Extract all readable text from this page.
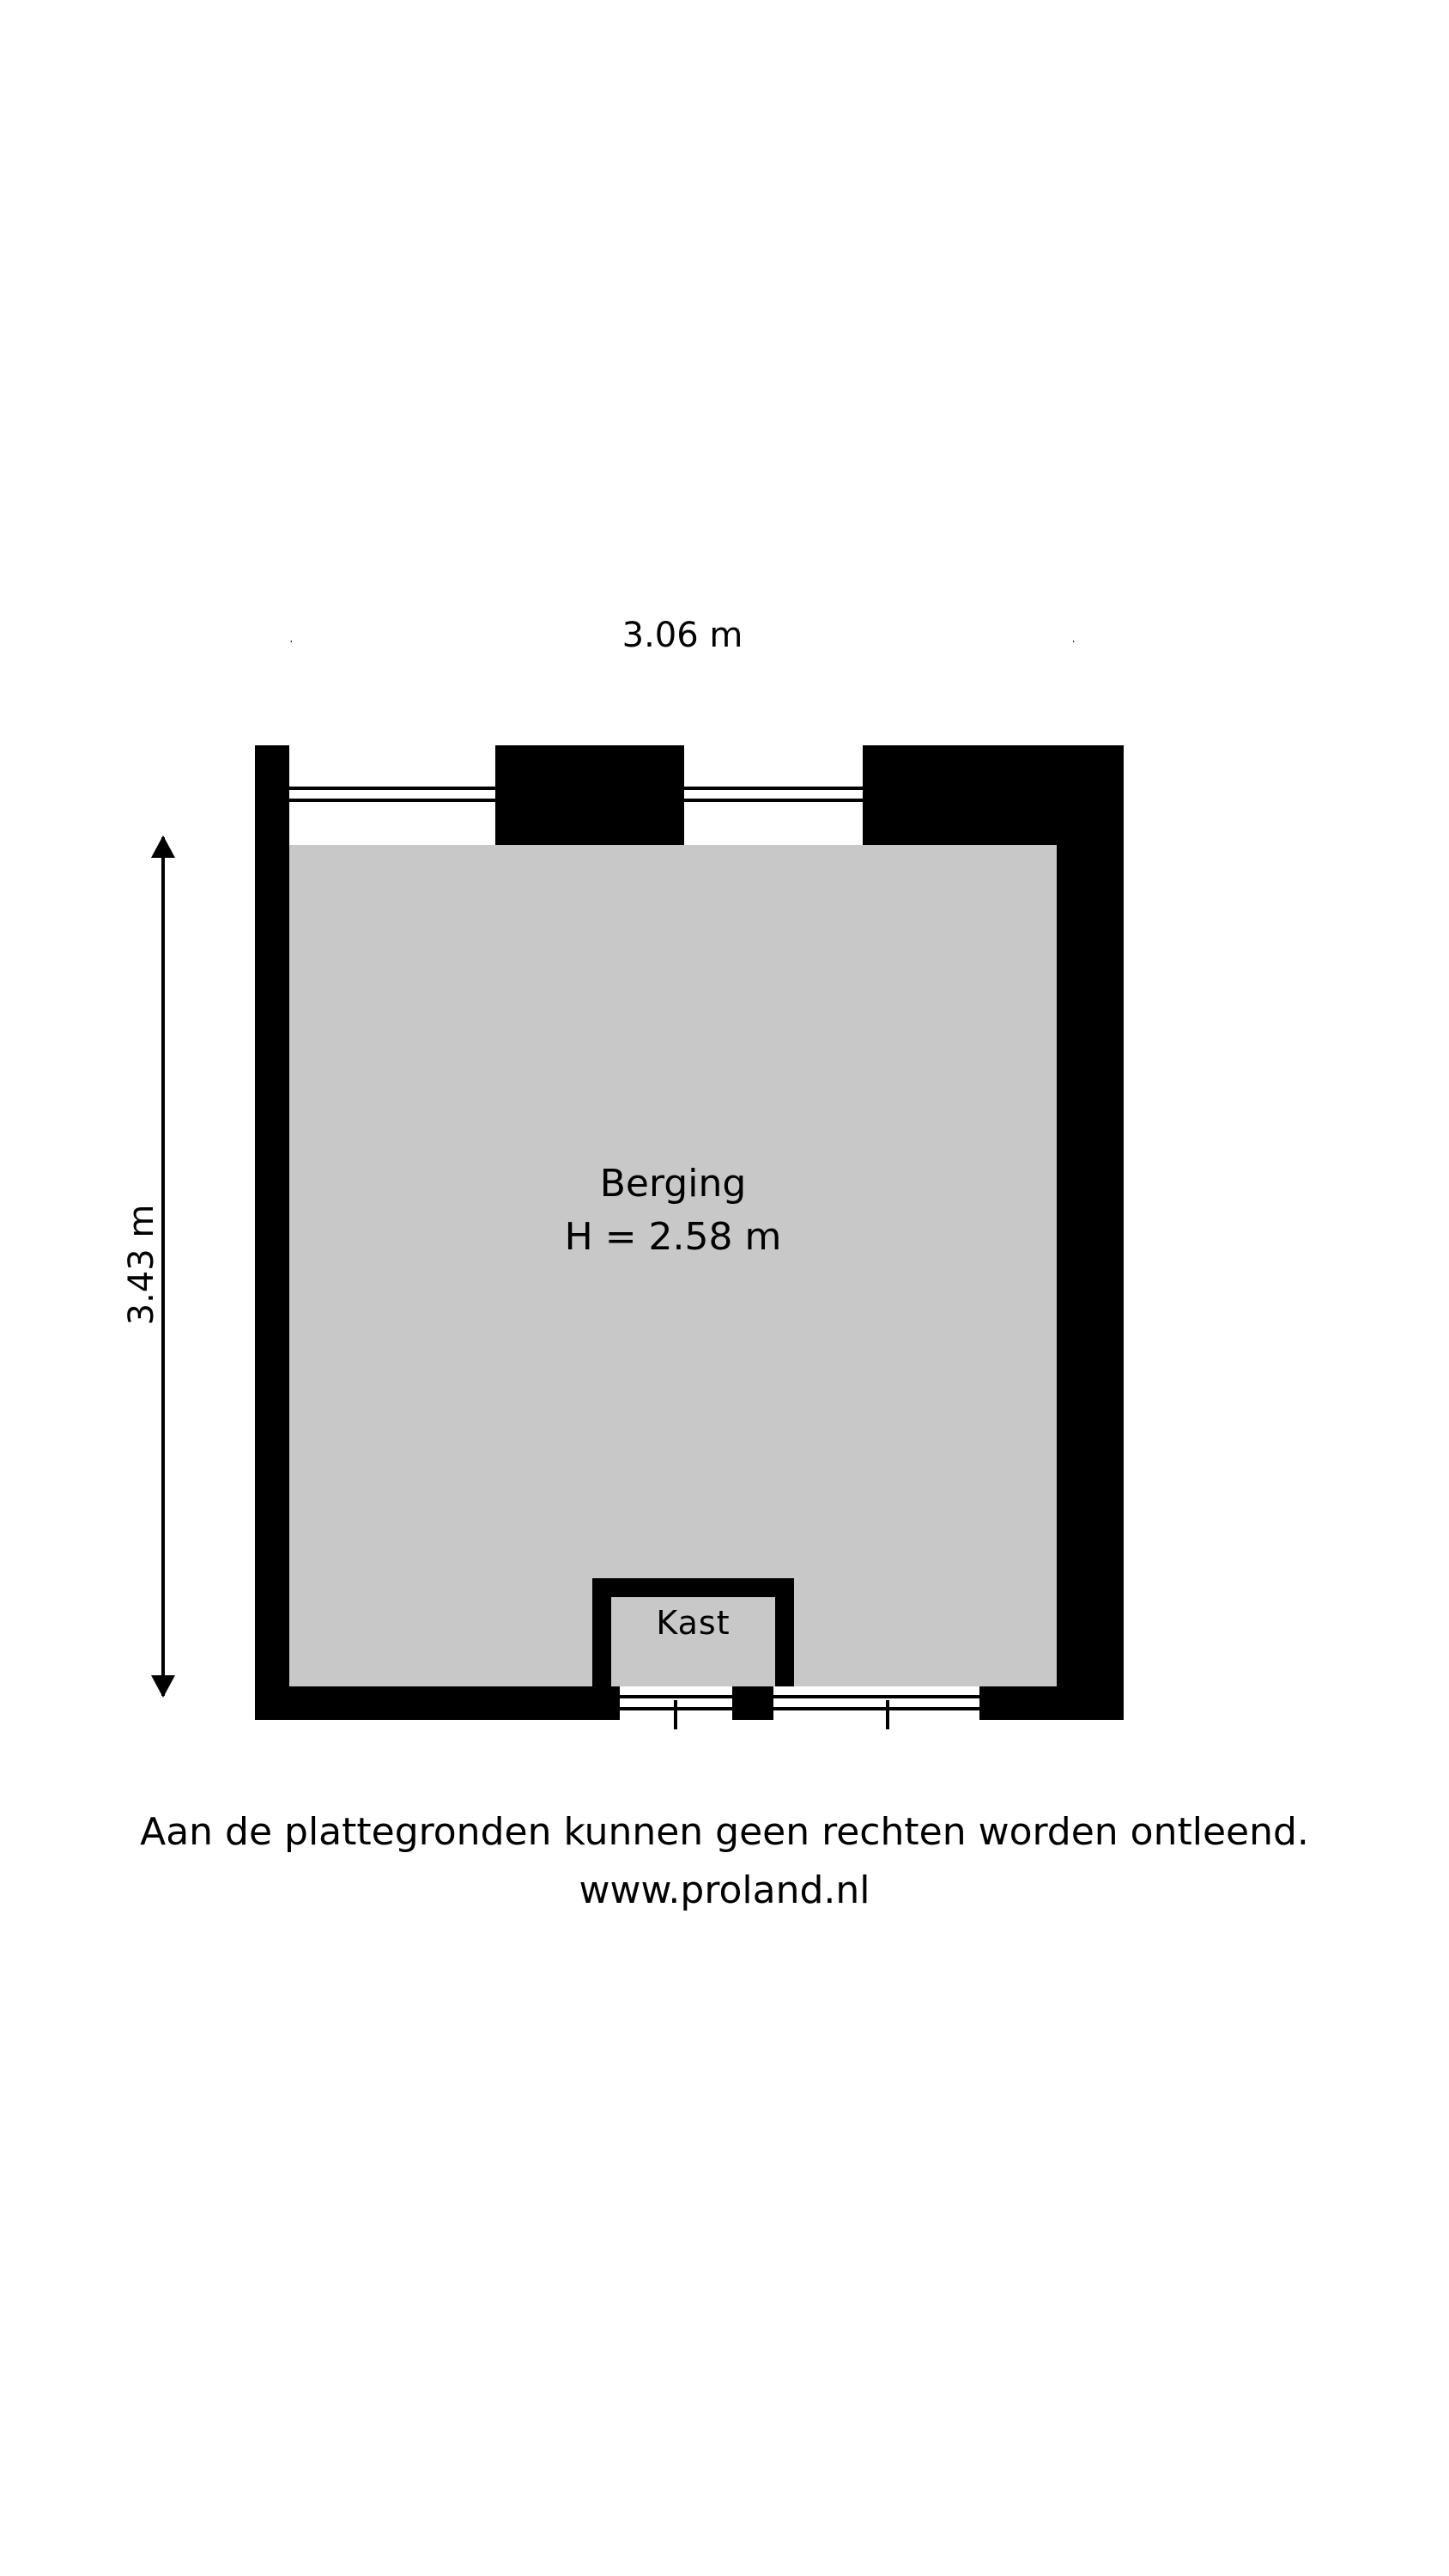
3.06 m
3.43 m
Kast
Berging
H = 2.58 m
Aan de plattegronden kunnen geen rechten worden ontleend.
www.proland.nl
